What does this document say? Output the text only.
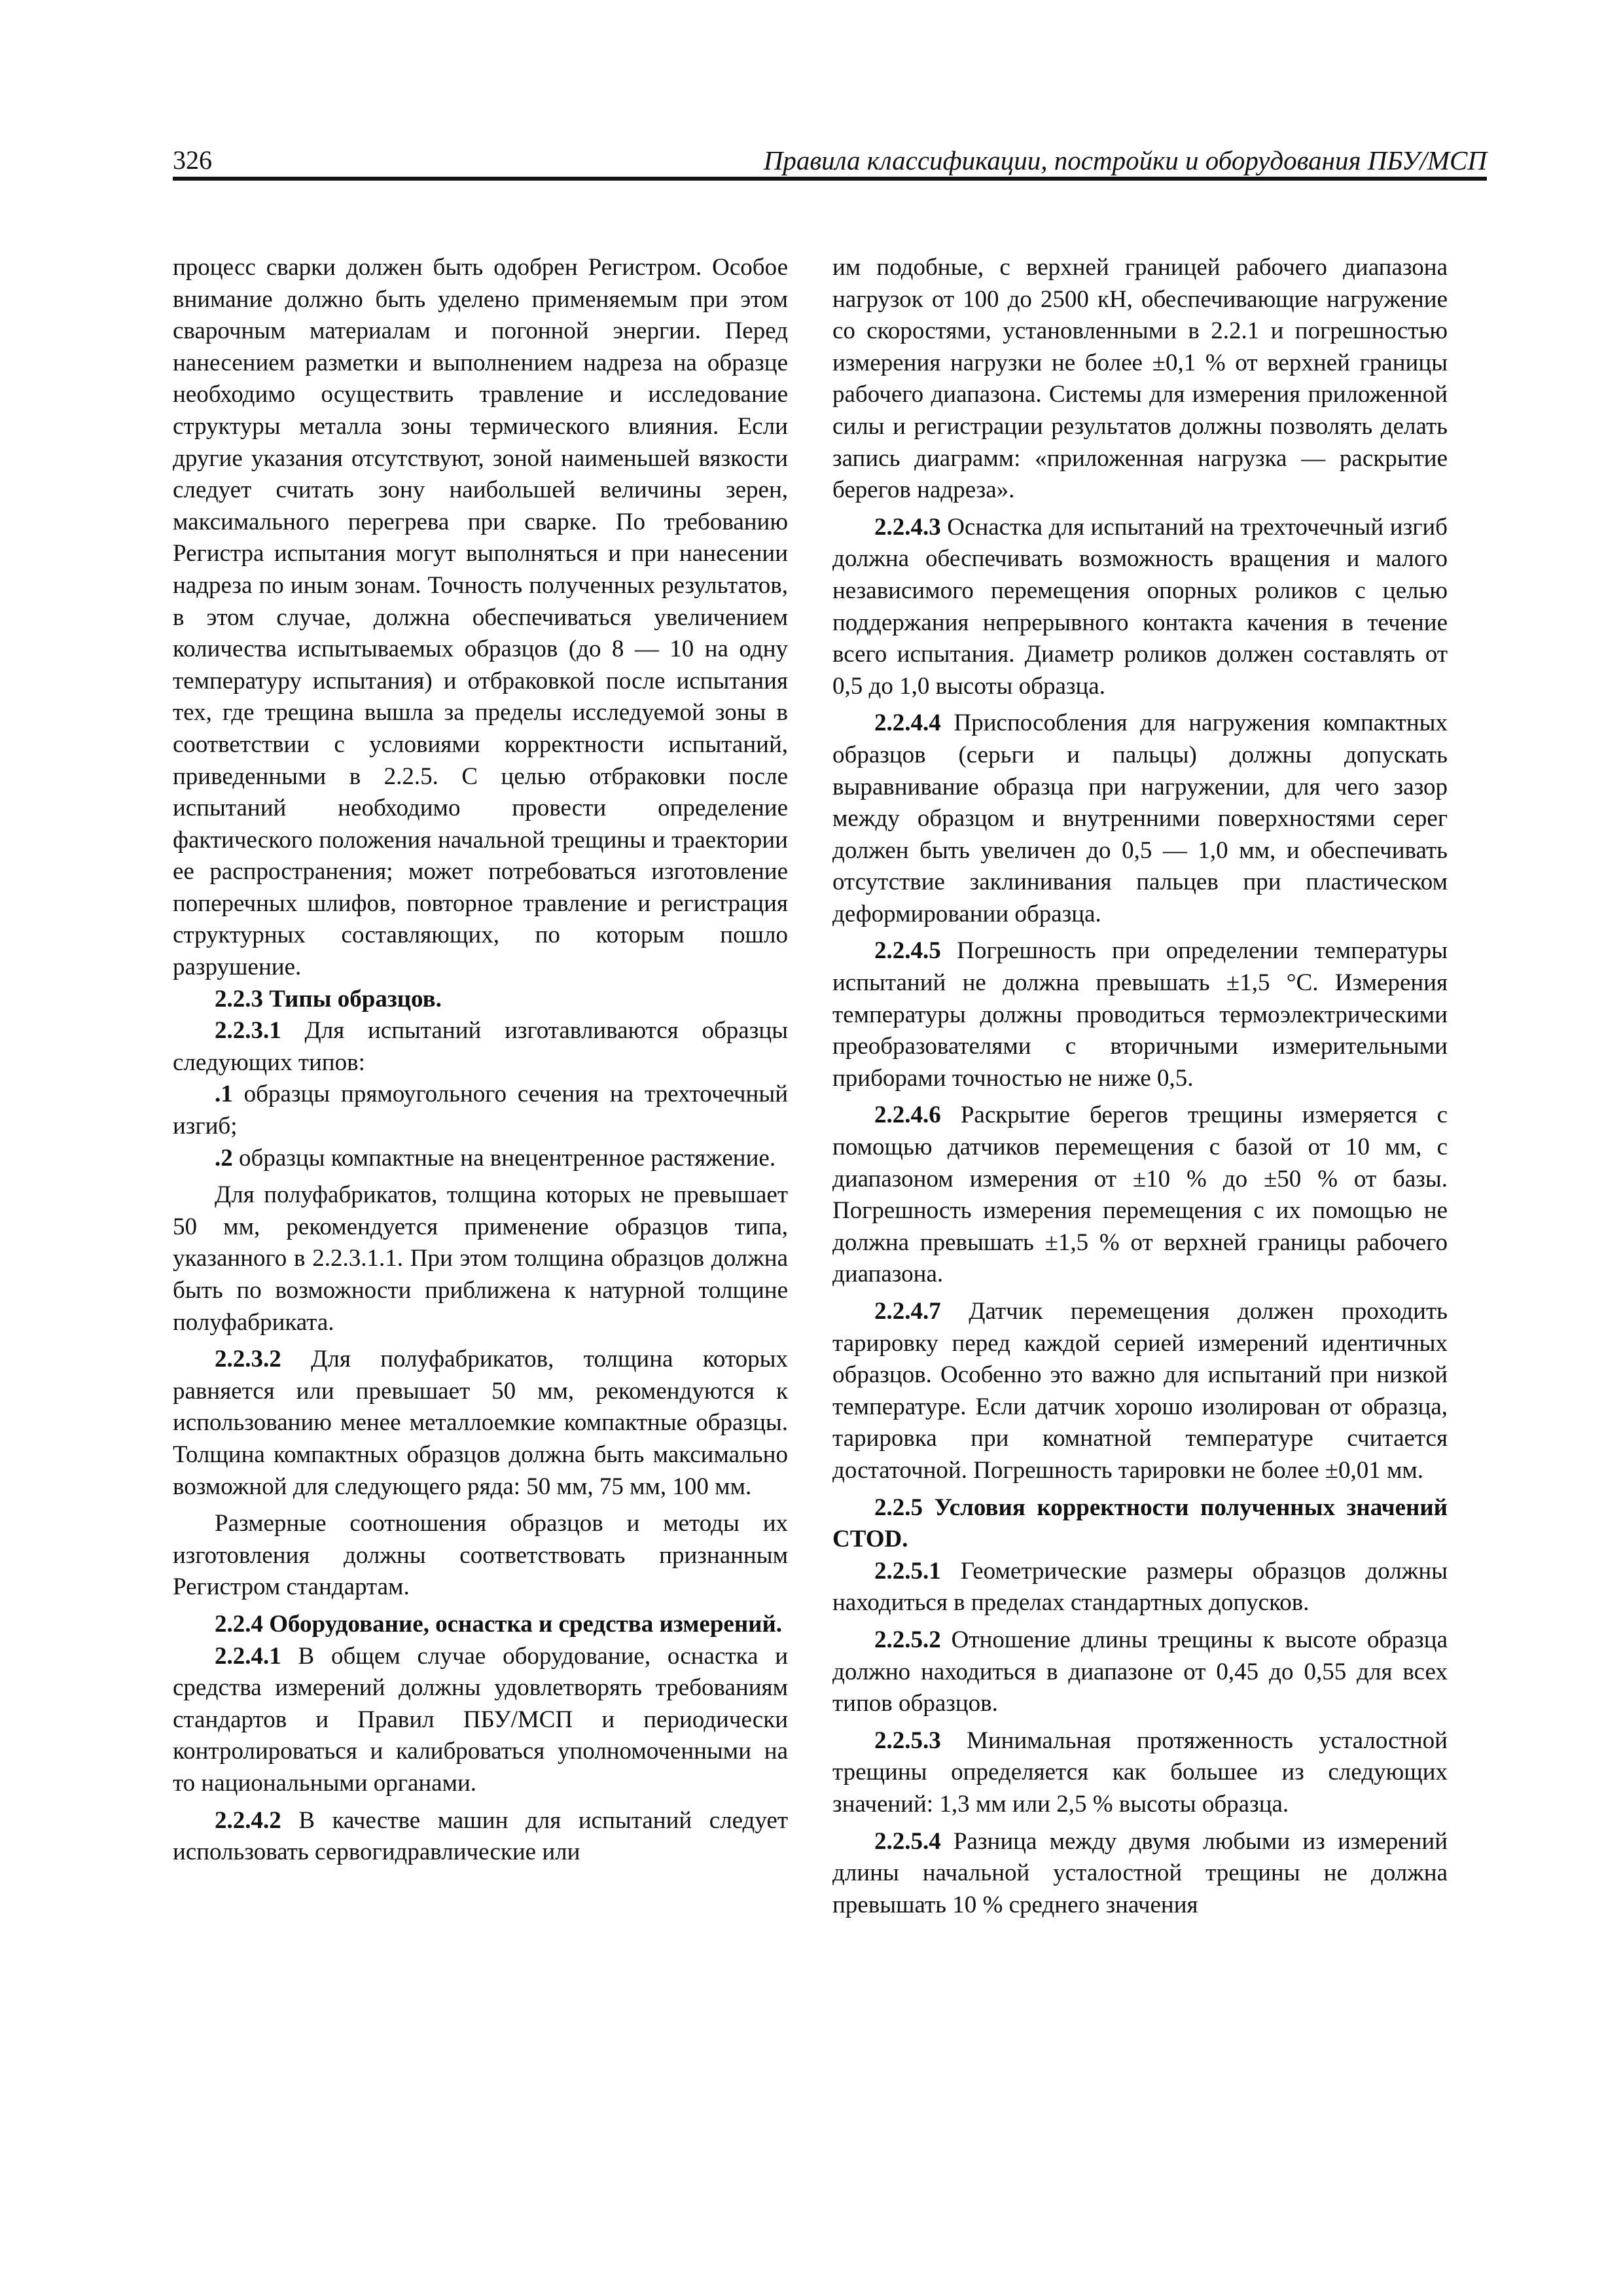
326	Правила классификации, постройки и оборудования ПБУ/МСП

процесс сварки должен быть одобрен Регистром. Особое внимание должно быть уделено применяемым при этом сварочным материалам и погонной энергии. Перед нанесением разметки и выполнением надреза на образце необходимо осуществить травление и исследование структуры металла зоны термического влияния. Если другие указания отсутствуют, зоной наименьшей вязкости следует считать зону наибольшей величины зерен, максимального перегрева при сварке. По требованию Регистра испытания могут выполняться и при нанесении надреза по иным зонам. Точность полученных результатов, в этом случае, должна обеспечиваться увеличением количества испытываемых образцов (до 8 — 10 на одну температуру испытания) и отбраковкой после испытания тех, где трещина вышла за пределы исследуемой зоны в соответствии с условиями корректности испытаний, приведенными в 2.2.5. С целью отбраковки после испытаний необходимо провести определение фактического положения начальной трещины и траектории ее распространения; может потребоваться изготовление поперечных шлифов, повторное травление и регистрация структурных составляющих, по которым пошло разрушение.

2.2.3 Типы образцов.

2.2.3.1 Для испытаний изготавливаются образцы следующих типов:

.1 образцы прямоугольного сечения на трехточечный изгиб;

.2 образцы компактные на внецентренное растяжение.

Для полуфабрикатов, толщина которых не превышает 50 мм, рекомендуется применение образцов типа, указанного в 2.2.3.1.1. При этом толщина образцов должна быть по возможности приближена к натурной толщине полуфабриката.

2.2.3.2 Для полуфабрикатов, толщина которых равняется или превышает 50 мм, рекомендуются к использованию менее металлоемкие компактные образцы. Толщина компактных образцов должна быть максимально возможной для следующего ряда: 50 мм, 75 мм, 100 мм.

Размерные соотношения образцов и методы их изготовления должны соответствовать признанным Регистром стандартам.

2.2.4 Оборудование, оснастка и средства измерений.

2.2.4.1 В общем случае оборудование, оснастка и средства измерений должны удовлетворять требованиям стандартов и Правил ПБУ/МСП и периодически контролироваться и калиброваться уполномоченными на то национальными органами.

2.2.4.2 В качестве машин для испытаний следует использовать сервогидравлические или

им подобные, с верхней границей рабочего диапазона нагрузок от 100 до 2500 кН, обеспечивающие нагружение со скоростями, установленными в 2.2.1 и погрешностью измерения нагрузки не более ±0,1 % от верхней границы рабочего диапазона. Системы для измерения приложенной силы и регистрации результатов должны позволять делать запись диаграмм: «приложенная нагрузка — раскрытие берегов надреза».

2.2.4.3 Оснастка для испытаний на трехточечный изгиб должна обеспечивать возможность вращения и малого независимого перемещения опорных роликов с целью поддержания непрерывного контакта качения в течение всего испытания. Диаметр роликов должен составлять от 0,5 до 1,0 высоты образца.

2.2.4.4 Приспособления для нагружения компактных образцов (серьги и пальцы) должны допускать выравнивание образца при нагружении, для чего зазор между образцом и внутренними поверхностями серег должен быть увеличен до 0,5 — 1,0 мм, и обеспечивать отсутствие заклинивания пальцев при пластическом деформировании образца.

2.2.4.5 Погрешность при определении температуры испытаний не должна превышать ±1,5 °C. Измерения температуры должны проводиться термоэлектрическими преобразователями с вторичными измерительными приборами точностью не ниже 0,5.

2.2.4.6 Раскрытие берегов трещины измеряется с помощью датчиков перемещения с базой от 10 мм, с диапазоном измерения от ±10 % до ±50 % от базы. Погрешность измерения перемещения с их помощью не должна превышать ±1,5 % от верхней границы рабочего диапазона.

2.2.4.7 Датчик перемещения должен проходить тарировку перед каждой серией измерений идентичных образцов. Особенно это важно для испытаний при низкой температуре. Если датчик хорошо изолирован от образца, тарировка при комнатной температуре считается достаточной. Погрешность тарировки не более ±0,01 мм.

2.2.5 Условия корректности полученных значений CTOD.

2.2.5.1 Геометрические размеры образцов должны находиться в пределах стандартных допусков.

2.2.5.2 Отношение длины трещины к высоте образца должно находиться в диапазоне от 0,45 до 0,55 для всех типов образцов.

2.2.5.3 Минимальная протяженность усталостной трещины определяется как большее из следующих значений: 1,3 мм или 2,5 % высоты образца.

2.2.5.4 Разница между двумя любыми из измерений длины начальной усталостной трещины не должна превышать 10 % среднего значения
